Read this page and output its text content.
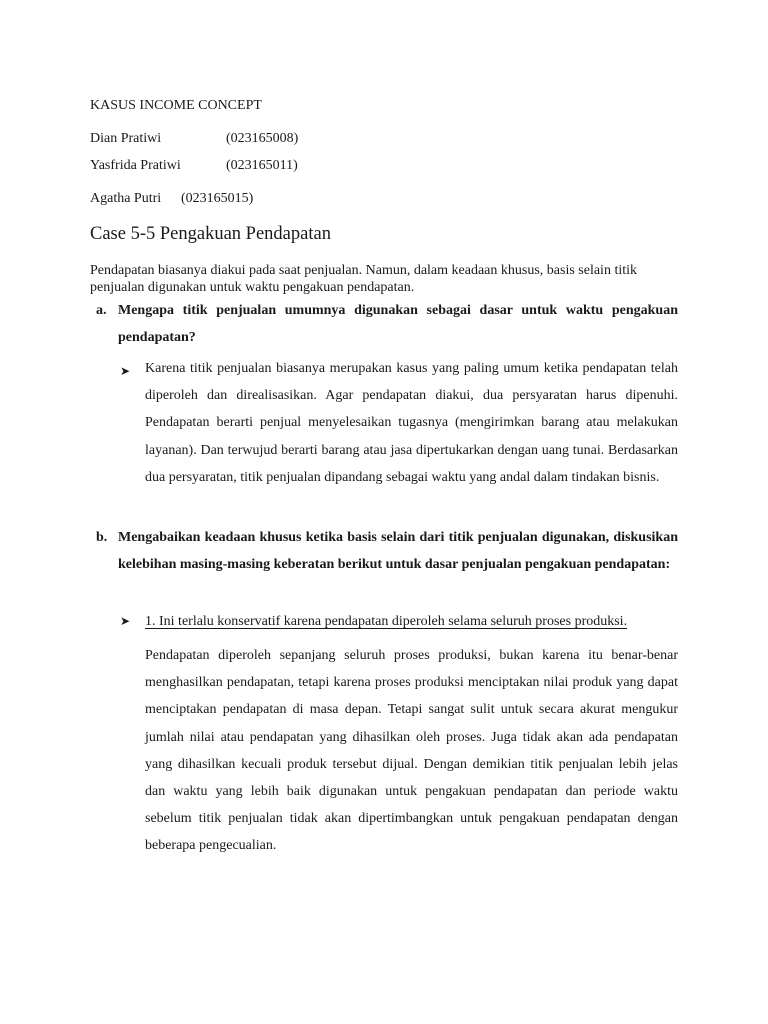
KASUS INCOME CONCEPT

Dian Pratiwi	(023165008)
Yasfrida Pratiwi	(023165011)
Agatha Putri (023165015)
Case 5-5 Pengakuan Pendapatan

Pendapatan biasanya diakui pada saat penjualan. Namun, dalam keadaan khusus, basis selain titik penjualan digunakan untuk waktu pengakuan pendapatan.

a. Mengapa titik penjualan umumnya digunakan sebagai dasar untuk waktu pengakuan pendapatan?

➤ Karena titik penjualan biasanya merupakan kasus yang paling umum ketika pendapatan telah diperoleh dan direalisasikan. Agar pendapatan diakui, dua persyaratan harus dipenuhi. Pendapatan berarti penjual menyelesaikan tugasnya (mengirimkan barang atau melakukan layanan). Dan terwujud berarti barang atau jasa dipertukarkan dengan uang tunai. Berdasarkan dua persyaratan, titik penjualan dipandang sebagai waktu yang andal dalam tindakan bisnis.

b. Mengabaikan keadaan khusus ketika basis selain dari titik penjualan digunakan, diskusikan kelebihan masing-masing keberatan berikut untuk dasar penjualan pengakuan pendapatan:

➤ 1. Ini terlalu konservatif karena pendapatan diperoleh selama seluruh proses produksi.

Pendapatan diperoleh sepanjang seluruh proses produksi, bukan karena itu benar-benar menghasilkan pendapatan, tetapi karena proses produksi menciptakan nilai produk yang dapat menciptakan pendapatan di masa depan. Tetapi sangat sulit untuk secara akurat mengukur jumlah nilai atau pendapatan yang dihasilkan oleh proses. Juga tidak akan ada pendapatan yang dihasilkan kecuali produk tersebut dijual. Dengan demikian titik penjualan lebih jelas dan waktu yang lebih baik digunakan untuk pengakuan pendapatan dan periode waktu sebelum titik penjualan tidak akan dipertimbangkan untuk pengakuan pendapatan dengan beberapa pengecualian.
